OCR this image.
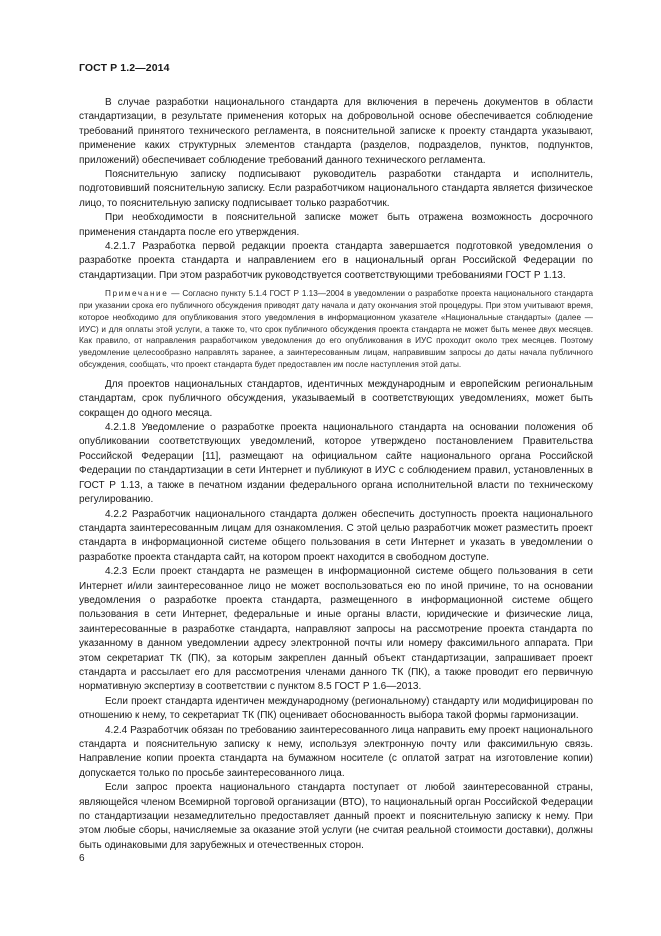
ГОСТ Р 1.2—2014

В случае разработки национального стандарта для включения в перечень документов в области стандартизации, в результате применения которых на добровольной основе обеспечивается соблюдение требований принятого технического регламента, в пояснительной записке к проекту стандарта указывают, применение каких структурных элементов стандарта (разделов, подразделов, пунктов, подпунктов, приложений) обеспечивает соблюдение требований данного технического регламента.

Пояснительную записку подписывают руководитель разработки стандарта и исполнитель, подготовивший пояснительную записку. Если разработчиком национального стандарта является физическое лицо, то пояснительную записку подписывает только разработчик.

При необходимости в пояснительной записке может быть отражена возможность досрочного применения стандарта после его утверждения.

4.2.1.7 Разработка первой редакции проекта стандарта завершается подготовкой уведомления о разработке проекта стандарта и направлением его в национальный орган Российской Федерации по стандартизации. При этом разработчик руководствуется соответствующими требованиями ГОСТ Р 1.13.

Примечание — Согласно пункту 5.1.4 ГОСТ Р 1.13—2004 в уведомлении о разработке проекта национального стандарта при указании срока его публичного обсуждения приводят дату начала и дату окончания этой процедуры. При этом учитывают время, которое необходимо для опубликования этого уведомления в информационном указателе «Национальные стандарты» (далее — ИУС) и для оплаты этой услуги, а также то, что срок публичного обсуждения проекта стандарта не может быть менее двух месяцев. Как правило, от направления разработчиком уведомления до его опубликования в ИУС проходит около трех месяцев. Поэтому уведомление целесообразно направлять заранее, а заинтересованным лицам, направившим запросы до даты начала публичного обсуждения, сообщать, что проект стандарта будет предоставлен им после наступления этой даты.

Для проектов национальных стандартов, идентичных международным и европейским региональным стандартам, срок публичного обсуждения, указываемый в соответствующих уведомлениях, может быть сокращен до одного месяца.

4.2.1.8 Уведомление о разработке проекта национального стандарта на основании положения об опубликовании соответствующих уведомлений, которое утверждено постановлением Правительства Российской Федерации [11], размещают на официальном сайте национального органа Российской Федерации по стандартизации в сети Интернет и публикуют в ИУС с соблюдением правил, установленных в ГОСТ Р 1.13, а также в печатном издании федерального органа исполнительной власти по техническому регулированию.

4.2.2 Разработчик национального стандарта должен обеспечить доступность проекта национального стандарта заинтересованным лицам для ознакомления. С этой целью разработчик может разместить проект стандарта в информационной системе общего пользования в сети Интернет и указать в уведомлении о разработке проекта стандарта сайт, на котором проект находится в свободном доступе.

4.2.3 Если проект стандарта не размещен в информационной системе общего пользования в сети Интернет и/или заинтересованное лицо не может воспользоваться ею по иной причине, то на основании уведомления о разработке проекта стандарта, размещенного в информационной системе общего пользования в сети Интернет, федеральные и иные органы власти, юридические и физические лица, заинтересованные в разработке стандарта, направляют запросы на рассмотрение проекта стандарта по указанному в данном уведомлении адресу электронной почты или номеру факсимильного аппарата. При этом секретариат ТК (ПК), за которым закреплен данный объект стандартизации, запрашивает проект стандарта и рассылает его для рассмотрения членами данного ТК (ПК), а также проводит его первичную нормативную экспертизу в соответствии с пунктом 8.5 ГОСТ Р 1.6—2013.

Если проект стандарта идентичен международному (региональному) стандарту или модифицирован по отношению к нему, то секретариат ТК (ПК) оценивает обоснованность выбора такой формы гармонизации.

4.2.4 Разработчик обязан по требованию заинтересованного лица направить ему проект национального стандарта и пояснительную записку к нему, используя электронную почту или факсимильную связь. Направление копии проекта стандарта на бумажном носителе (с оплатой затрат на изготовление копии) допускается только по просьбе заинтересованного лица.

Если запрос проекта национального стандарта поступает от любой заинтересованной страны, являющейся членом Всемирной торговой организации (ВТО), то национальный орган Российской Федерации по стандартизации незамедлительно предоставляет данный проект и пояснительную записку к нему. При этом любые сборы, начисляемые за оказание этой услуги (не считая реальной стоимости доставки), должны быть одинаковыми для зарубежных и отечественных сторон.

6
